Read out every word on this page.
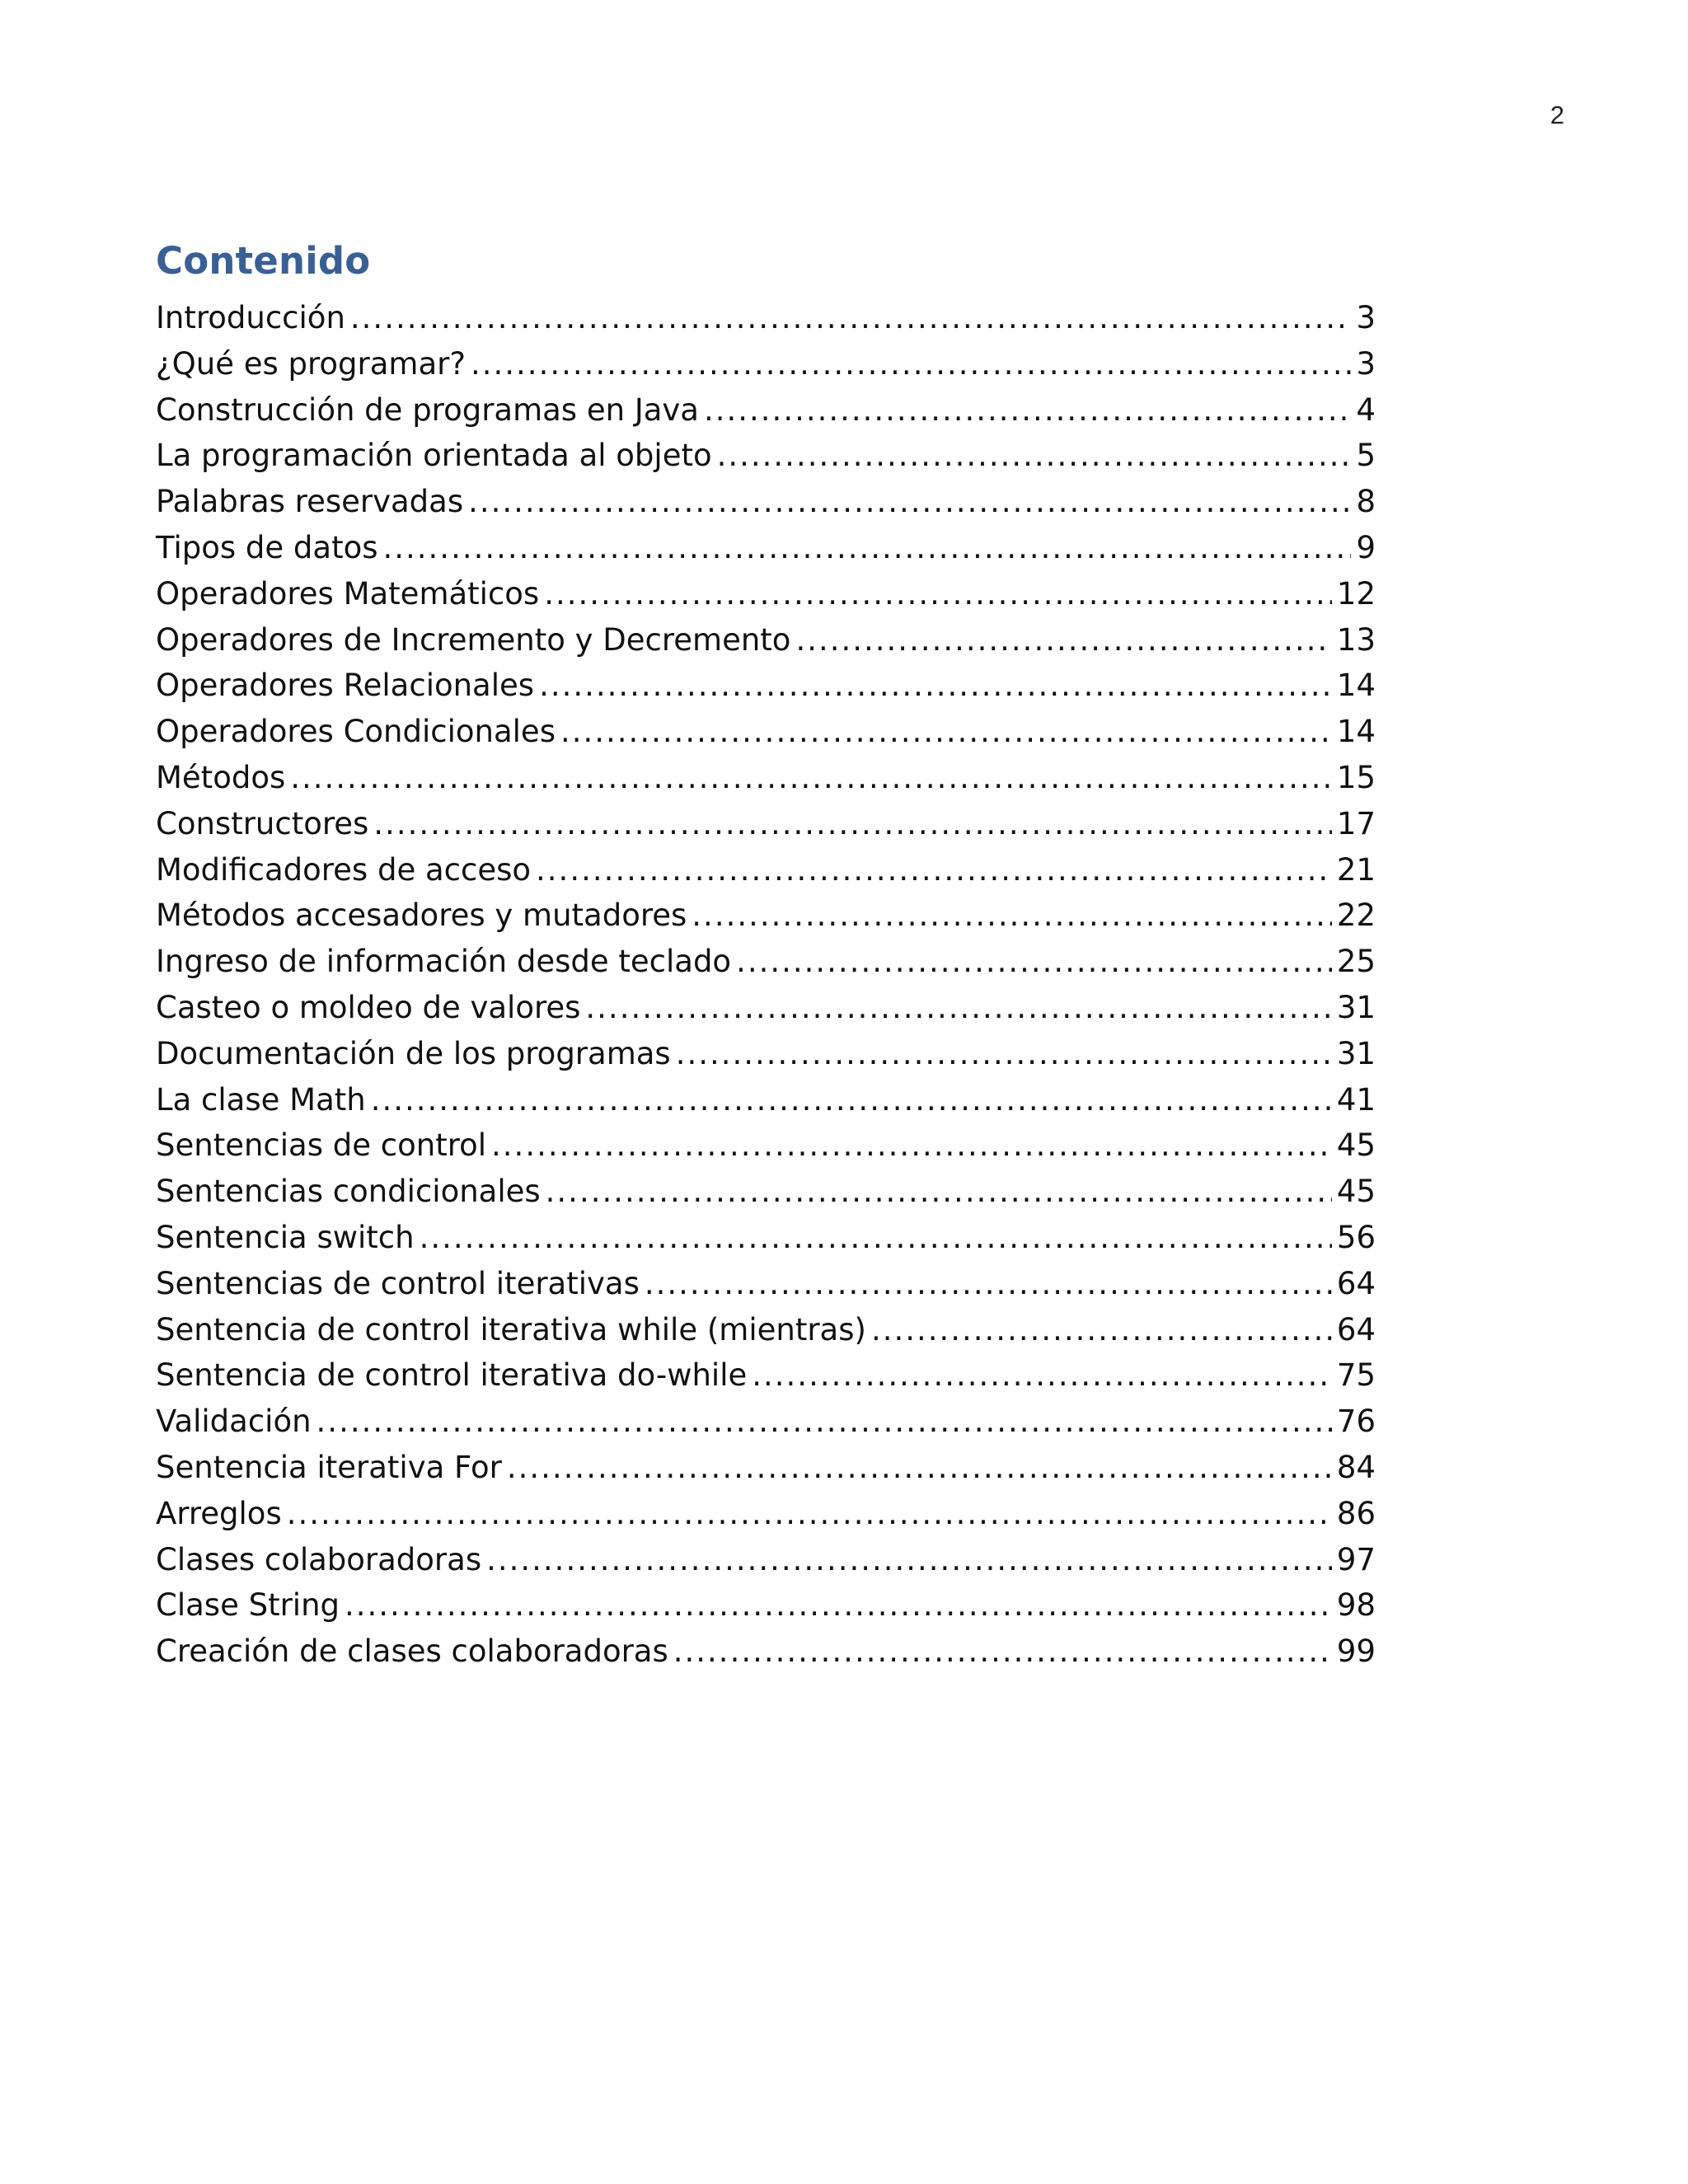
2
Contenido
Introducción .....	3
¿Qué es programar? .....	3
Construcción de programas en Java .....	4
La programación orientada al objeto .....	5
Palabras reservadas .....	8
Tipos de datos .....	9
Operadores Matemáticos .....	12
Operadores de Incremento y Decremento .....	13
Operadores Relacionales .....	14
Operadores Condicionales .....	14
Métodos .....	15
Constructores .....	17
Modificadores de acceso .....	21
Métodos accesadores y mutadores .....	22
Ingreso de información desde teclado .....	25
Casteo o moldeo de valores .....	31
Documentación de los programas .....	31
La clase Math .....	41
Sentencias de control .....	45
Sentencias condicionales .....	45
Sentencia switch .....	56
Sentencias de control iterativas .....	64
Sentencia de control iterativa while (mientras) .....	64
Sentencia de control iterativa do-while .....	75
Validación .....	76
Sentencia iterativa For .....	84
Arreglos .....	86
Clases colaboradoras .....	97
Clase String .....	98
Creación de clases colaboradoras .....	99
